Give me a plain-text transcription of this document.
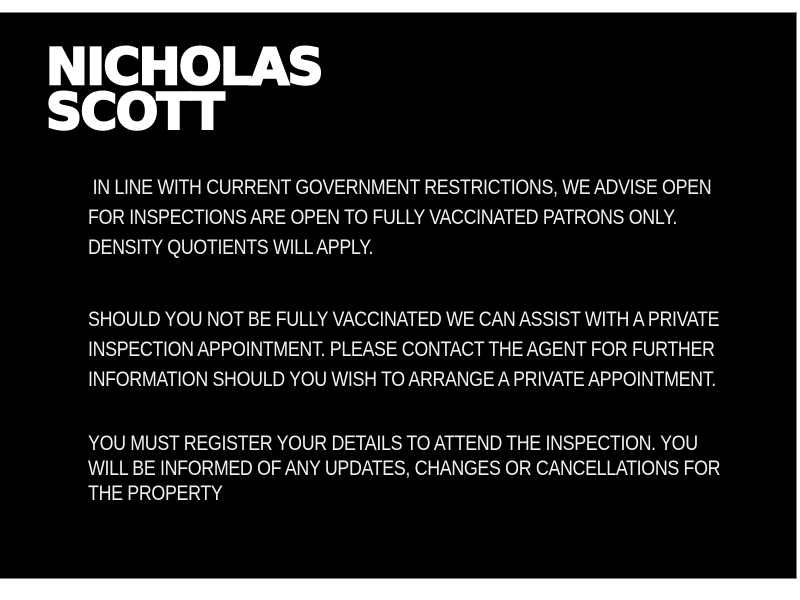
NICHOLAS
SCOTT
IN LINE WITH CURRENT GOVERNMENT RESTRICTIONS, WE ADVISE OPEN
FOR INSPECTIONS ARE OPEN TO FULLY VACCINATED PATRONS ONLY.
DENSITY QUOTIENTS WILL APPLY.
SHOULD YOU NOT BE FULLY VACCINATED WE CAN ASSIST WITH A PRIVATE
INSPECTION APPOINTMENT. PLEASE CONTACT THE AGENT FOR FURTHER
INFORMATION SHOULD YOU WISH TO ARRANGE A PRIVATE APPOINTMENT.
YOU MUST REGISTER YOUR DETAILS TO ATTEND THE INSPECTION. YOU
WILL BE INFORMED OF ANY UPDATES, CHANGES OR CANCELLATIONS FOR
THE PROPERTY
